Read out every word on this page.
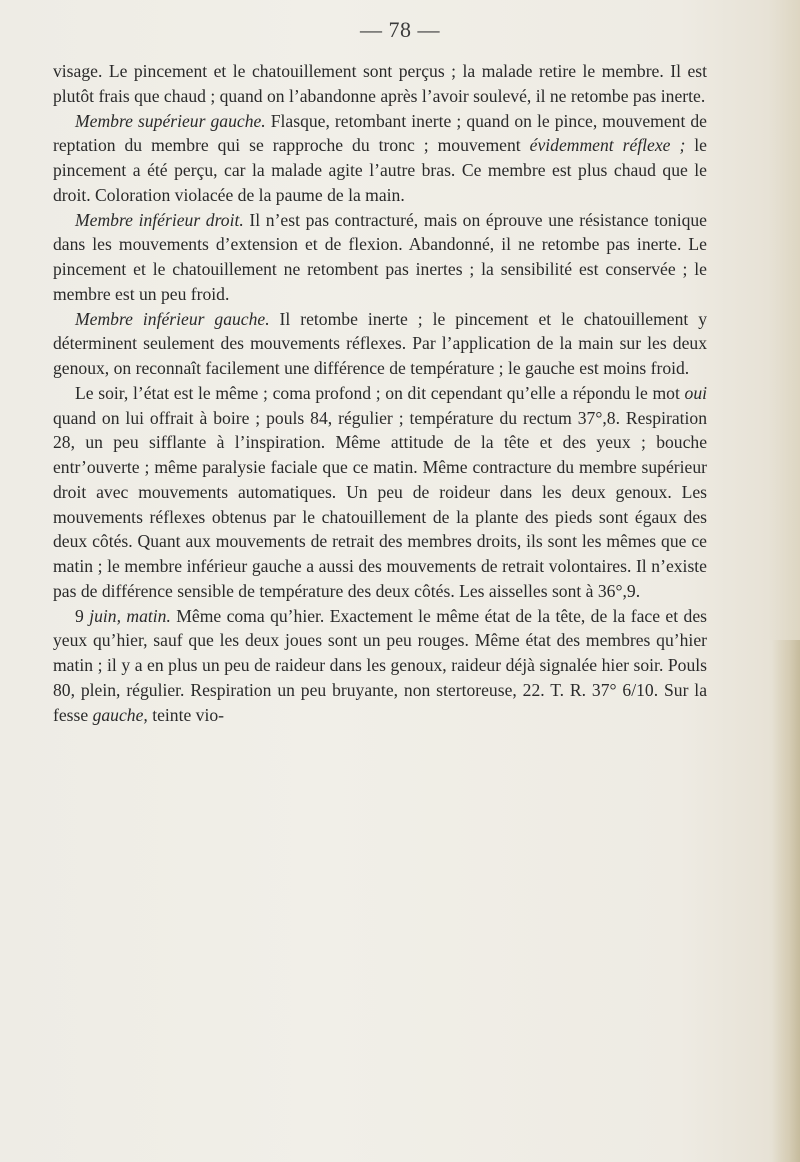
— 78 —

visage. Le pincement et le chatouillement sont perçus ; la malade retire le membre. Il est plutôt frais que chaud ; quand on l’abandonne après l’avoir soulevé, il ne retombe pas inerte.

Membre supérieur gauche. Flasque, retombant inerte ; quand on le pince, mouvement de reptation du membre qui se rapproche du tronc ; mouvement évidemment réflexe ; le pincement a été perçu, car la malade agite l’autre bras. Ce membre est plus chaud que le droit. Coloration violacée de la paume de la main.

Membre inférieur droit. Il n’est pas contracturé, mais on éprouve une résistance tonique dans les mouvements d’extension et de flexion. Abandonné, il ne retombe pas inerte. Le pincement et le chatouillement ne retombent pas inertes ; la sensibilité est conservée ; le membre est un peu froid.

Membre inférieur gauche. Il retombe inerte ; le pincement et le chatouillement y déterminent seulement des mouvements réflexes. Par l’application de la main sur les deux genoux, on reconnaît facilement une différence de température ; le gauche est moins froid.

Le soir, l’état est le même ; coma profond ; on dit cependant qu’elle a répondu le mot oui quand on lui offrait à boire ; pouls 84, régulier ; température du rectum 37°,8. Respiration 28, un peu sifflante à l’inspiration. Même attitude de la tête et des yeux ; bouche entr’ouverte ; même paralysie faciale que ce matin. Même contracture du membre supérieur droit avec mouvements automatiques. Un peu de roideur dans les deux genoux. Les mouvements réflexes obtenus par le chatouillement de la plante des pieds sont égaux des deux côtés. Quant aux mouvements de retrait des membres droits, ils sont les mêmes que ce matin ; le membre inférieur gauche a aussi des mouvements de retrait volontaires. Il n’existe pas de différence sensible de température des deux côtés. Les aisselles sont à 36°,9.

9 juin, matin. Même coma qu’hier. Exactement le même état de la tête, de la face et des yeux qu’hier, sauf que les deux joues sont un peu rouges. Même état des membres qu’hier matin ; il y a en plus un peu de raideur dans les genoux, raideur déjà signalée hier soir. Pouls 80, plein, régulier. Respiration un peu bruyante, non stertoreuse, 22. T. R. 37° 6/10. Sur la fesse gauche, teinte vio-
